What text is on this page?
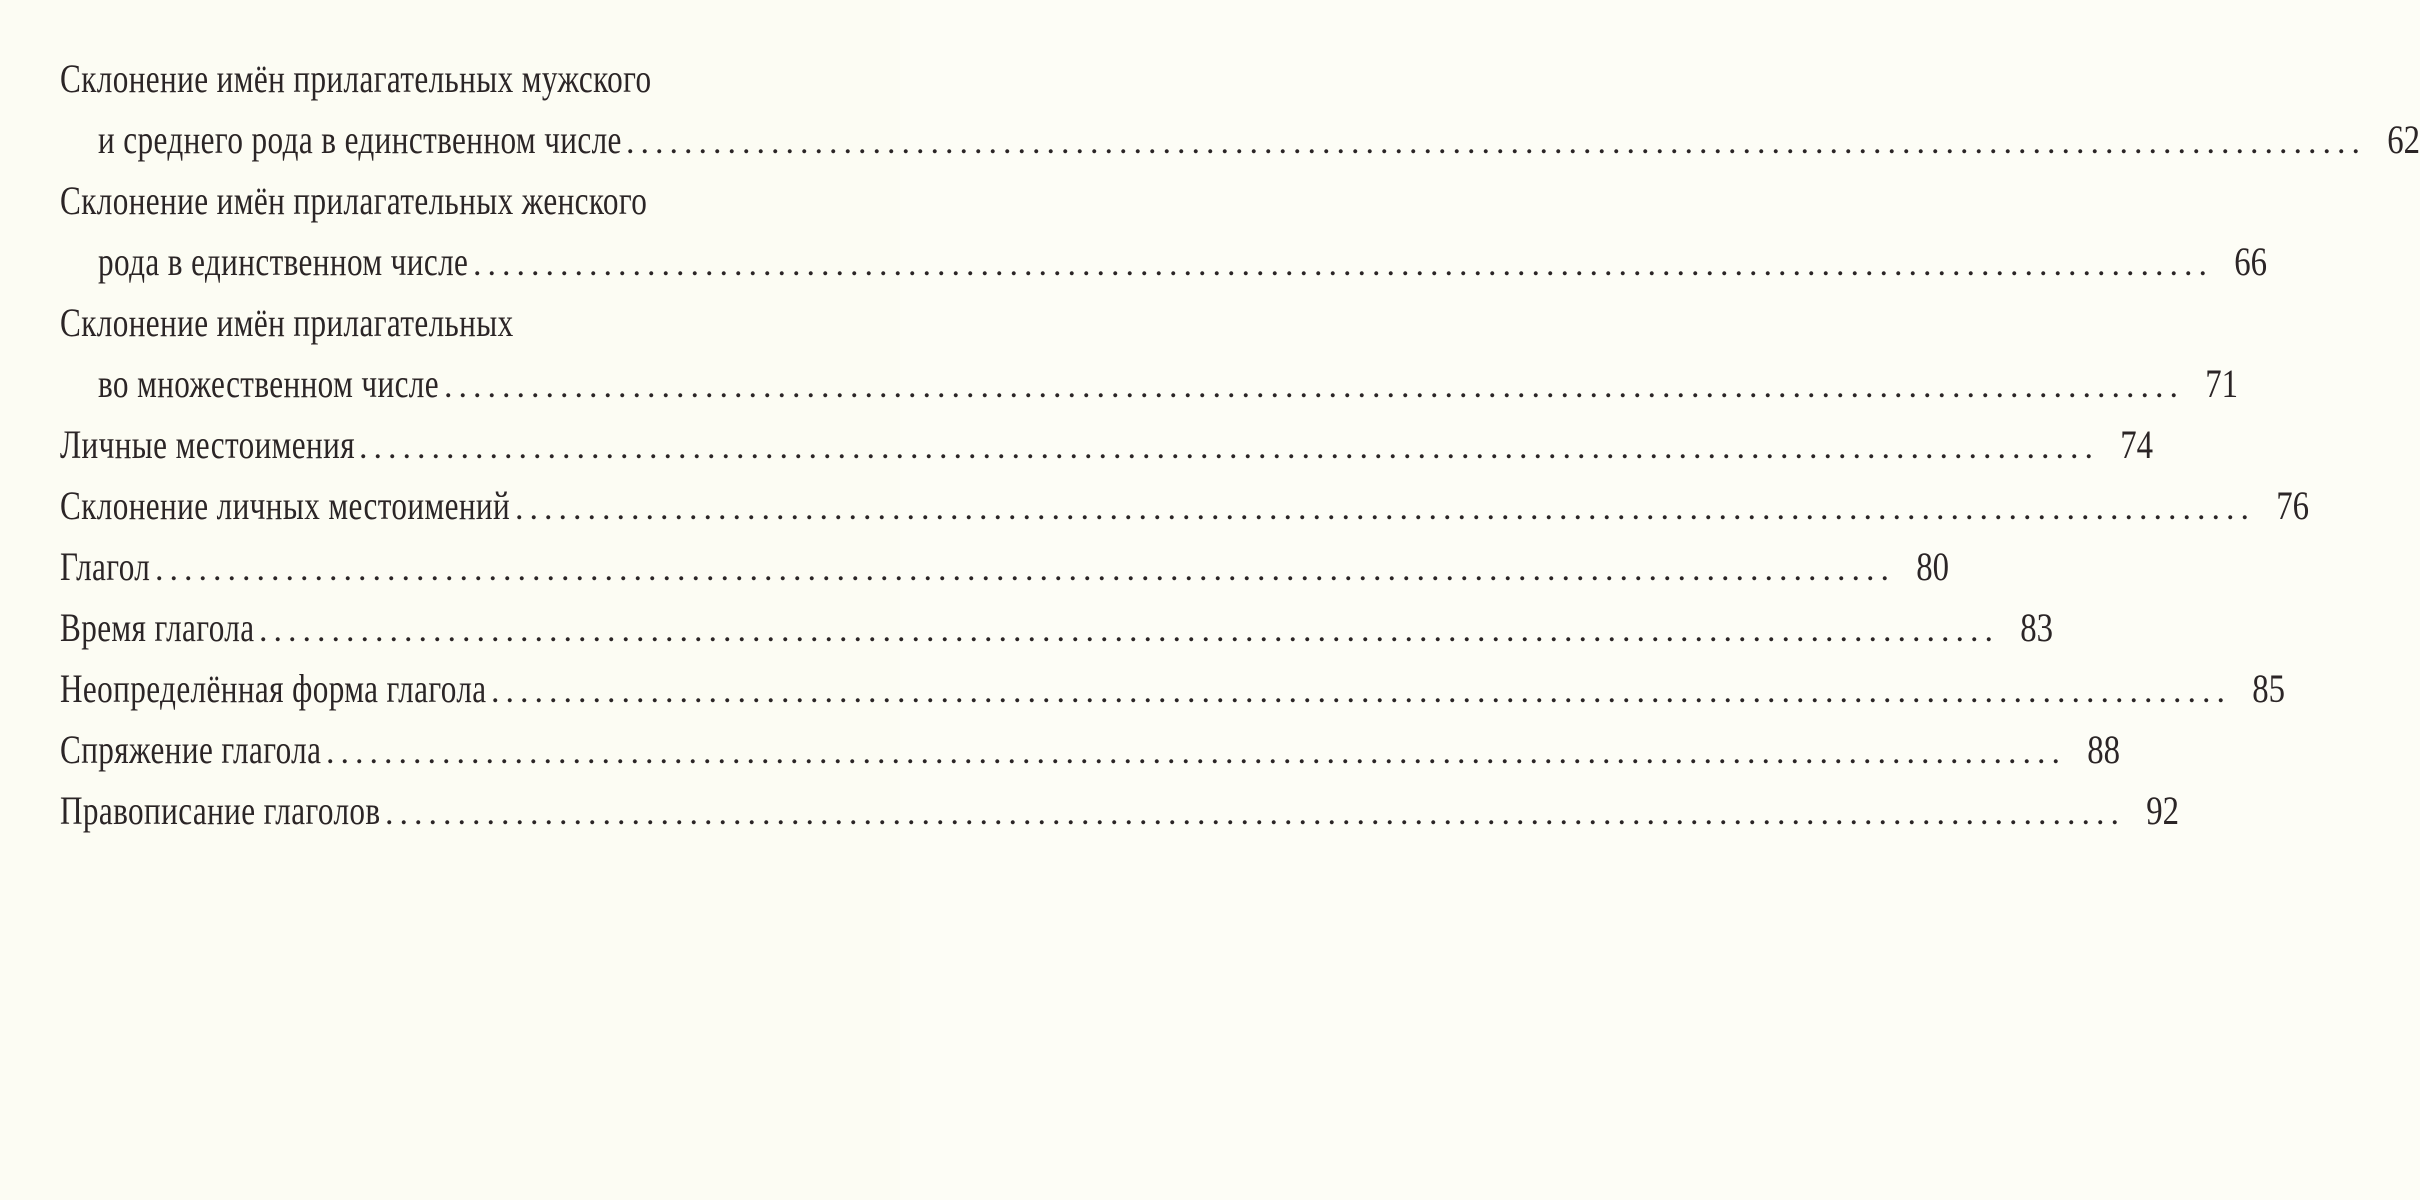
Склонение имён прилагательных мужского
и среднего рода в единственном числе ........................................................................................................................ 62
Склонение имён прилагательных женского
рода в единственном числе ........................................................................................................................ 66
Склонение имён прилагательных
во множественном числе ........................................................................................................................ 71
Личные местоимения ........................................................................................................................ 74
Склонение личных местоимений ........................................................................................................................ 76
Глагол ........................................................................................................................ 80
Время глагола ........................................................................................................................ 83
Неопределённая форма глагола ........................................................................................................................ 85
Спряжение глагола ........................................................................................................................ 88
Правописание глаголов ........................................................................................................................ 92
